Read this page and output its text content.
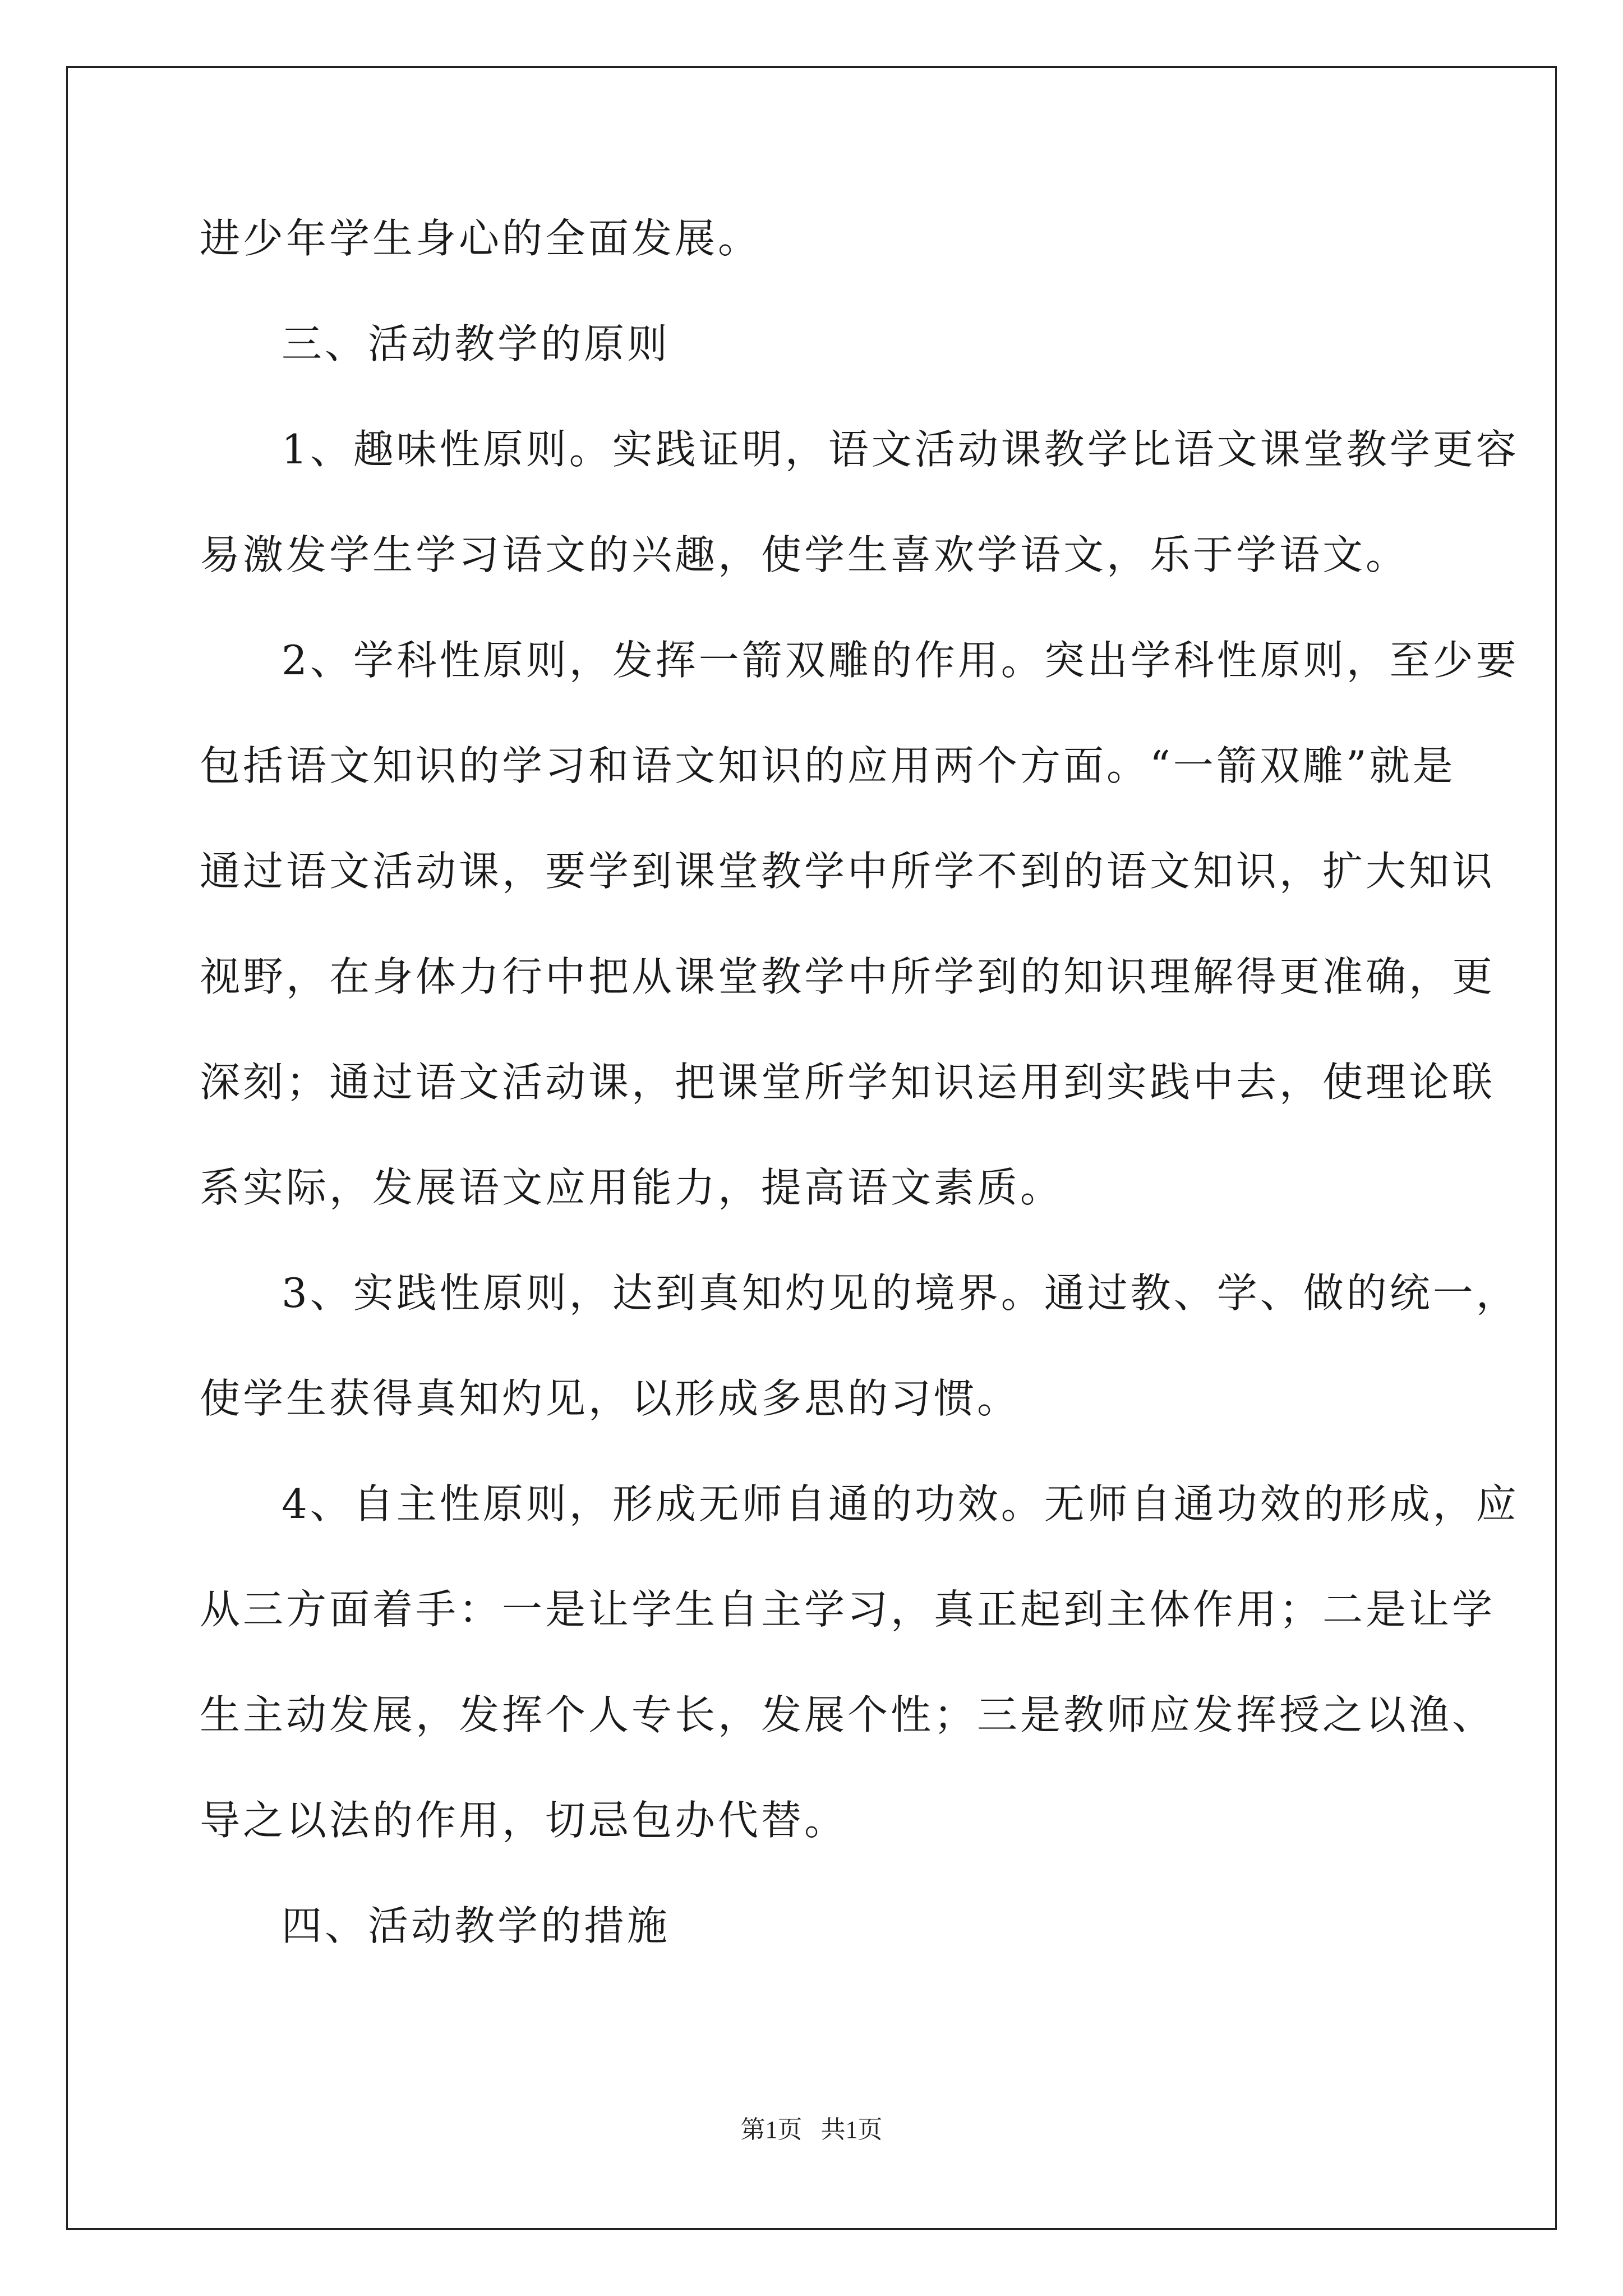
进少年学生身心的全面发展。
三、活动教学的原则
1、趣味性原则。实践证明，语文活动课教学比语文课堂教学更容
易激发学生学习语文的兴趣，使学生喜欢学语文，乐于学语文。
2、学科性原则，发挥一箭双雕的作用。突出学科性原则，至少要
包括语文知识的学习和语文知识的应用两个方面。“一箭双雕”就是
通过语文活动课，要学到课堂教学中所学不到的语文知识，扩大知识
视野，在身体力行中把从课堂教学中所学到的知识理解得更准确，更
深刻；通过语文活动课，把课堂所学知识运用到实践中去，使理论联
系实际，发展语文应用能力，提高语文素质。
3、实践性原则，达到真知灼见的境界。通过教、学、做的统一，
使学生获得真知灼见，以形成多思的习惯。
4、自主性原则，形成无师自通的功效。无师自通功效的形成，应
从三方面着手：一是让学生自主学习，真正起到主体作用；二是让学
生主动发展，发挥个人专长，发展个性；三是教师应发挥授之以渔、
导之以法的作用，切忌包办代替。
四、活动教学的措施
第1页   共1页
